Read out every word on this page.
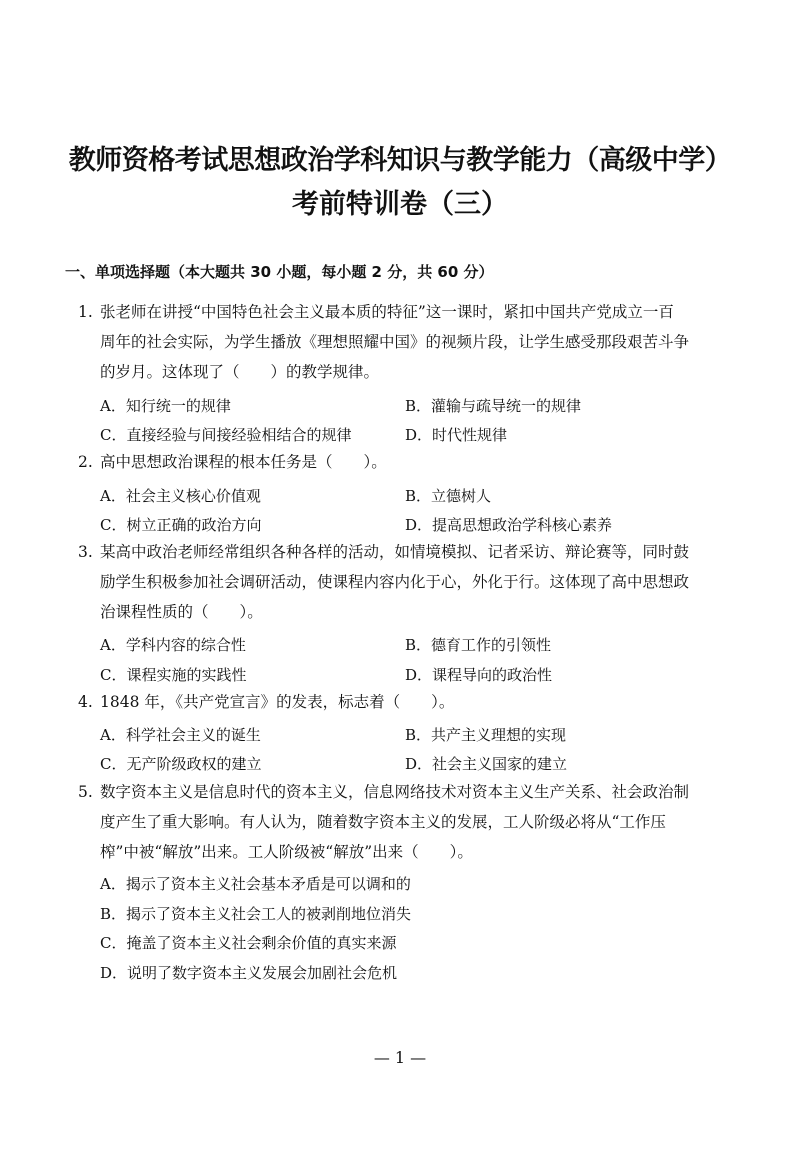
教师资格考试思想政治学科知识与教学能力（高级中学）
考前特训卷（三）
一、单项选择题（本大题共 30 小题，每小题 2 分，共 60 分）
1. 张老师在讲授“中国特色社会主义最本质的特征”这一课时，紧扣中国共产党成立一百
周年的社会实际，为学生播放《理想照耀中国》的视频片段，让学生感受那段艰苦斗争
的岁月。这体现了（　　）的教学规律。
A．知行统一的规律	B．灌输与疏导统一的规律
C．直接经验与间接经验相结合的规律	D．时代性规律
2. 高中思想政治课程的根本任务是（　　）。
A．社会主义核心价值观	B．立德树人
C．树立正确的政治方向	D．提高思想政治学科核心素养
3. 某高中政治老师经常组织各种各样的活动，如情境模拟、记者采访、辩论赛等，同时鼓
励学生积极参加社会调研活动，使课程内容内化于心，外化于行。这体现了高中思想政
治课程性质的（　　）。
A．学科内容的综合性	B．德育工作的引领性
C．课程实施的实践性	D．课程导向的政治性
4. 1848 年，《共产党宣言》的发表，标志着（　　）。
A．科学社会主义的诞生	B．共产主义理想的实现
C．无产阶级政权的建立	D．社会主义国家的建立
5. 数字资本主义是信息时代的资本主义，信息网络技术对资本主义生产关系、社会政治制
度产生了重大影响。有人认为，随着数字资本主义的发展，工人阶级必将从“工作压
榨”中被“解放”出来。工人阶级被“解放”出来（　　）。
A．揭示了资本主义社会基本矛盾是可以调和的
B．揭示了资本主义社会工人的被剥削地位消失
C．掩盖了资本主义社会剩余价值的真实来源
D．说明了数字资本主义发展会加剧社会危机
— 1 —
